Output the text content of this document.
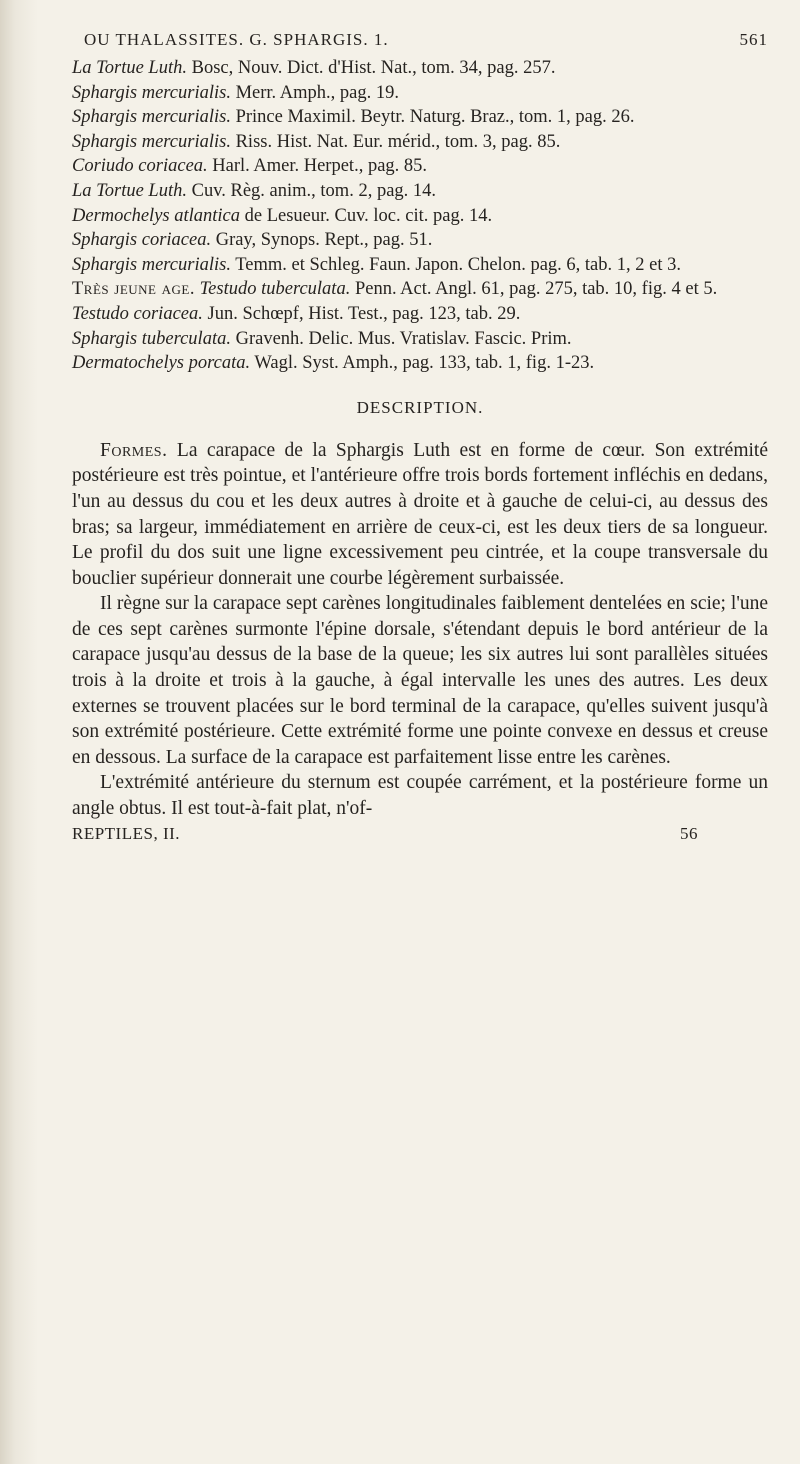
OU THALASSITES. G. SPHARGIS. 1.	561

La Tortue Luth. Bosc, Nouv. Dict. d'Hist. Nat., tom. 34, pag. 257.

Sphargis mercurialis. Merr. Amph., pag. 19.

Sphargis mercurialis. Prince Maximil. Beytr. Naturg. Braz., tom. 1, pag. 26.

Sphargis mercurialis. Riss. Hist. Nat. Eur. mérid., tom. 3, pag. 85.

Coriudo coriacea. Harl. Amer. Herpet., pag. 85.

La Tortue Luth. Cuv. Règ. anim., tom. 2, pag. 14.

Dermochelys atlantica de Lesueur. Cuv. loc. cit. pag. 14.

Sphargis coriacea. Gray, Synops. Rept., pag. 51.

Sphargis mercurialis. Temm. et Schleg. Faun. Japon. Chelon. pag. 6, tab. 1, 2 et 3.

Très jeune age. Testudo tuberculata. Penn. Act. Angl. 61, pag. 275, tab. 10, fig. 4 et 5.

Testudo coriacea. Jun. Schœpf, Hist. Test., pag. 123, tab. 29.

Sphargis tuberculata. Gravenh. Delic. Mus. Vratislav. Fascic. Prim.

Dermatochelys porcata. Wagl. Syst. Amph., pag. 133, tab. 1, fig. 1-23.

DESCRIPTION.

Formes. La carapace de la Sphargis Luth est en forme de cœur. Son extrémité postérieure est très pointue, et l'antérieure offre trois bords fortement infléchis en dedans, l'un au dessus du cou et les deux autres à droite et à gauche de celui-ci, au dessus des bras; sa largeur, immédiatement en arrière de ceux-ci, est les deux tiers de sa longueur. Le profil du dos suit une ligne excessivement peu cintrée, et la coupe transversale du bouclier supérieur donnerait une courbe légèrement surbaissée.

Il règne sur la carapace sept carènes longitudinales faiblement dentelées en scie; l'une de ces sept carènes surmonte l'épine dorsale, s'étendant depuis le bord antérieur de la carapace jusqu'au dessus de la base de la queue; les six autres lui sont parallèles situées trois à la droite et trois à la gauche, à égal intervalle les unes des autres. Les deux externes se trouvent placées sur le bord terminal de la carapace, qu'elles suivent jusqu'à son extrémité postérieure. Cette extrémité forme une pointe convexe en dessus et creuse en dessous. La surface de la carapace est parfaitement lisse entre les carènes.

L'extrémité antérieure du sternum est coupée carrément, et la postérieure forme un angle obtus. Il est tout-à-fait plat, n'of-

REPTILES, II.	56
